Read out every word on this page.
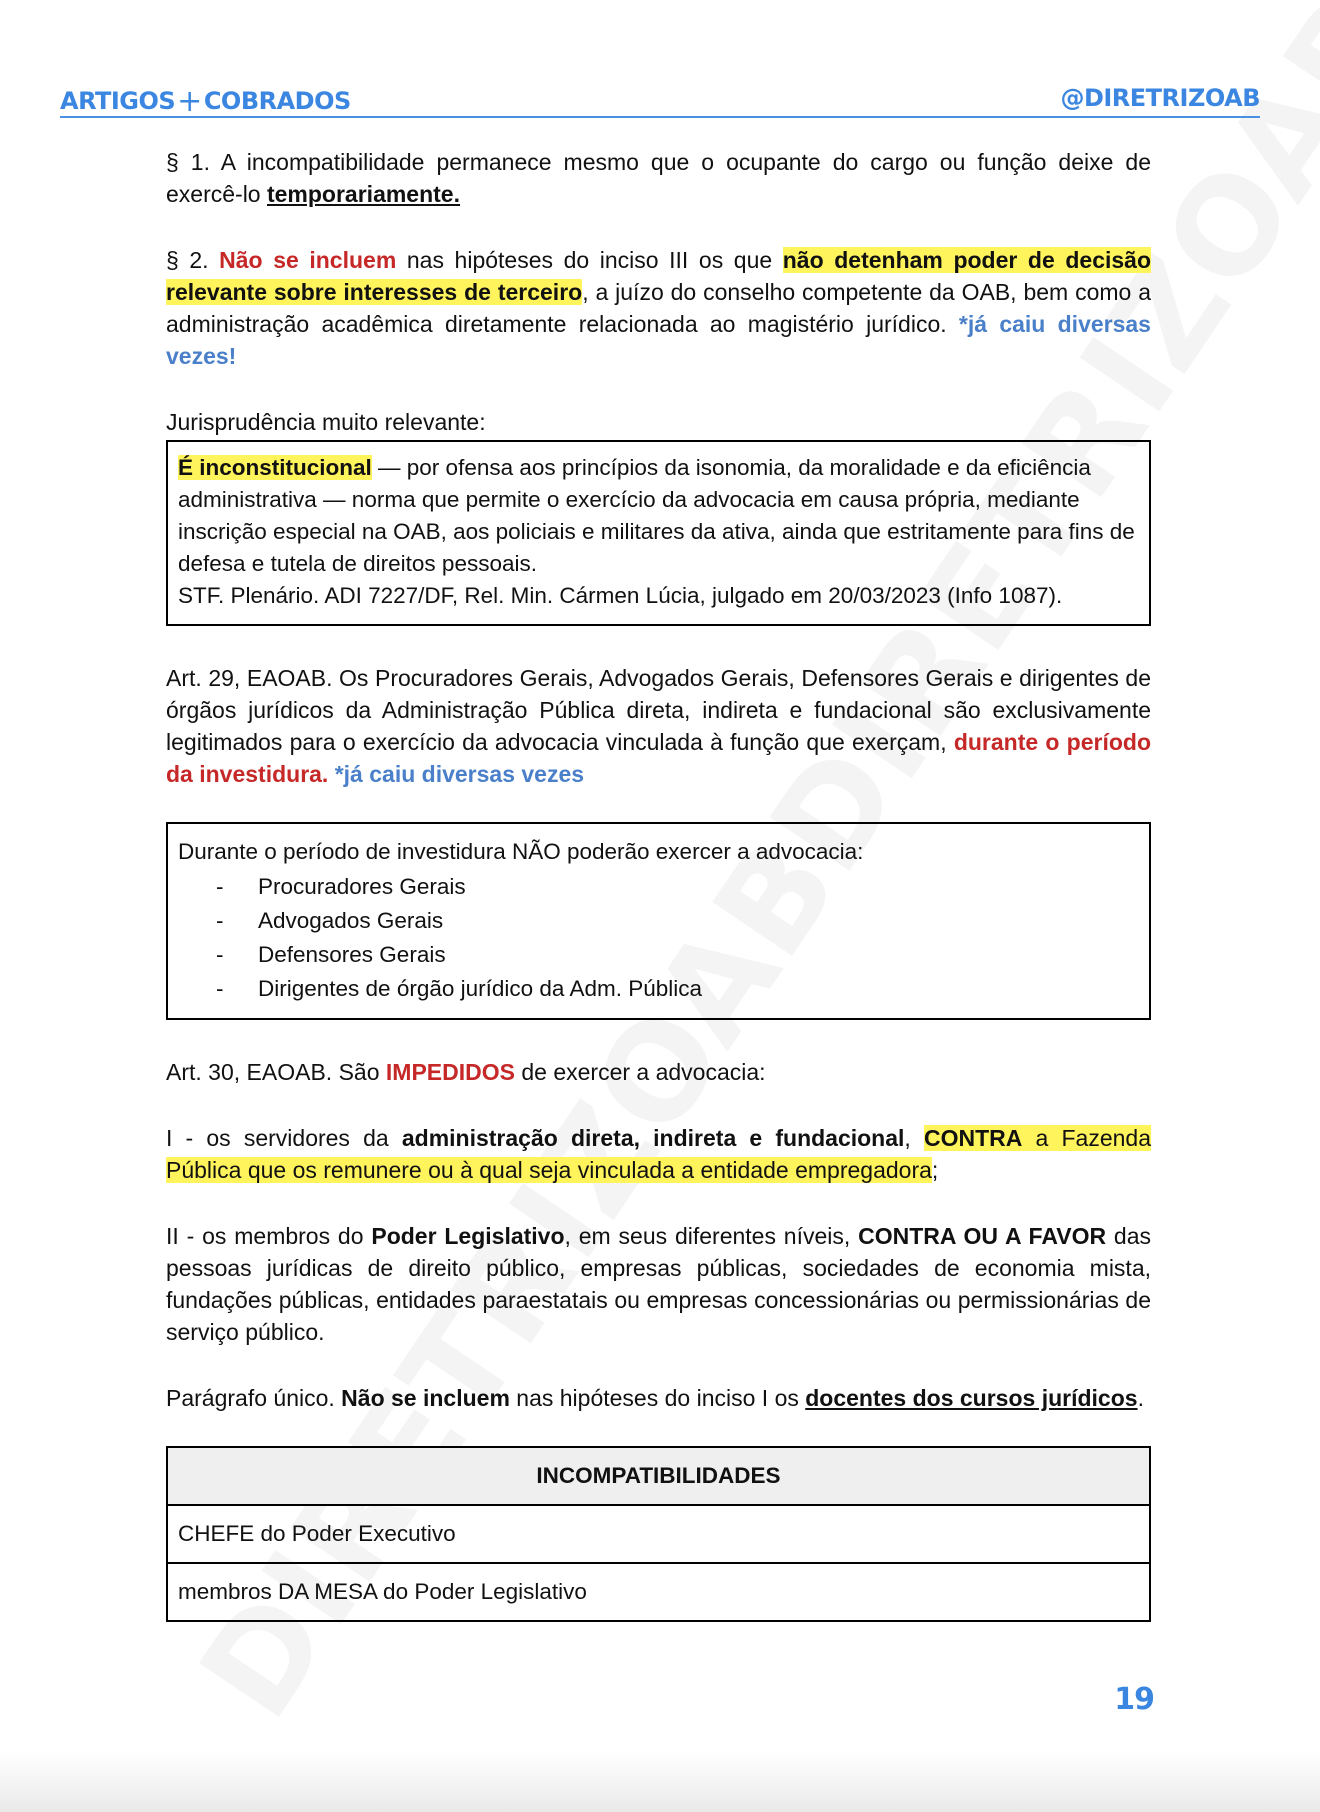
ARTIGOS+COBRADOS	@DIRETRIZOAB

§ 1. A incompatibilidade permanece mesmo que o ocupante do cargo ou função deixe de exercê-lo temporariamente.

§ 2. Não se incluem nas hipóteses do inciso III os que não detenham poder de decisão relevante sobre interesses de terceiro, a juízo do conselho competente da OAB, bem como a administração acadêmica diretamente relacionada ao magistério jurídico. *já caiu diversas vezes!

Jurisprudência muito relevante:

É inconstitucional — por ofensa aos princípios da isonomia, da moralidade e da eficiência administrativa — norma que permite o exercício da advocacia em causa própria, mediante inscrição especial na OAB, aos policiais e militares da ativa, ainda que estritamente para fins de defesa e tutela de direitos pessoais.

STF. Plenário. ADI 7227/DF, Rel. Min. Cármen Lúcia, julgado em 20/03/2023 (Info 1087).

Art. 29, EAOAB. Os Procuradores Gerais, Advogados Gerais, Defensores Gerais e dirigentes de órgãos jurídicos da Administração Pública direta, indireta e fundacional são exclusivamente legitimados para o exercício da advocacia vinculada à função que exerçam, durante o período da investidura. *já caiu diversas vezes

Durante o período de investidura NÃO poderão exercer a advocacia:

- Procuradores Gerais
- Advogados Gerais
- Defensores Gerais
- Dirigentes de órgão jurídico da Adm. Pública

Art. 30, EAOAB. São IMPEDIDOS de exercer a advocacia:

I - os servidores da administração direta, indireta e fundacional, CONTRA a Fazenda Pública que os remunere ou à qual seja vinculada a entidade empregadora;

II - os membros do Poder Legislativo, em seus diferentes níveis, CONTRA OU A FAVOR das pessoas jurídicas de direito público, empresas públicas, sociedades de economia mista, fundações públicas, entidades paraestatais ou empresas concessionárias ou permissionárias de serviço público.

Parágrafo único. Não se incluem nas hipóteses do inciso I os docentes dos cursos jurídicos.

INCOMPATIBILIDADES
CHEFE do Poder Executivo
membros DA MESA do Poder Legislativo
19
